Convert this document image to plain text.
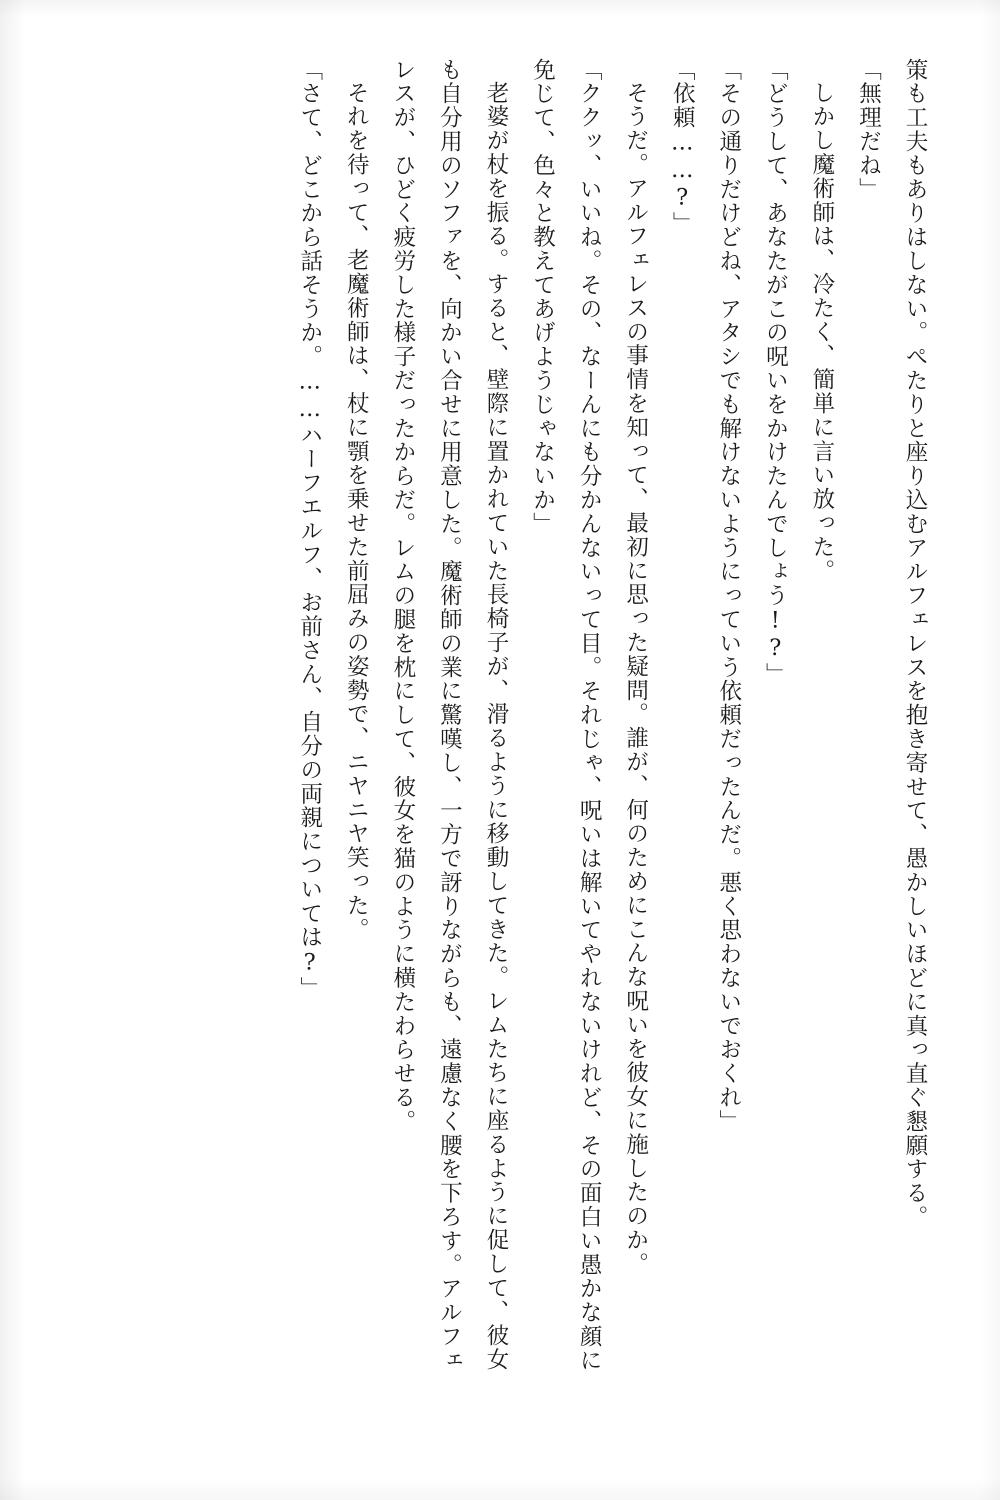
策も工夫もありはしない。ぺたりと座り込むアルフェレスを抱き寄せて、愚かしいほどに真っ直ぐ懇願する。

「無理だね」

しかし魔術師は、冷たく、簡単に言い放った。

「どうして、あなたがこの呪いをかけたんでしょう!?」

「その通りだけどね、アタシでも解けないようにっていう依頼だったんだ。悪く思わないでおくれ」

「依頼……?」

そうだ。アルフェレスの事情を知って、最初に思った疑問。誰が、何のためにこんな呪いを彼女に施したのか。

「ククッ、いいね。その、なーんにも分かんないって目。それじゃ、呪いは解いてやれないけれど、その面白い愚かな顔に免じて、色々と教えてあげようじゃないか」

老婆が杖を振る。すると、壁際に置かれていた長椅子が、滑るように移動してきた。レムたちに座るように促して、彼女も自分用のソファを、向かい合せに用意した。魔術師の業に驚嘆し、一方で訝りながらも、遠慮なく腰を下ろす。アルフェレスが、ひどく疲労した様子だったからだ。レムの腿を枕にして、彼女を猫のように横たわらせる。

それを待って、老魔術師は、杖に顎を乗せた前屈みの姿勢で、ニヤニヤ笑った。

「さて、どこから話そうか。……ハーフエルフ、お前さん、自分の両親については?」
